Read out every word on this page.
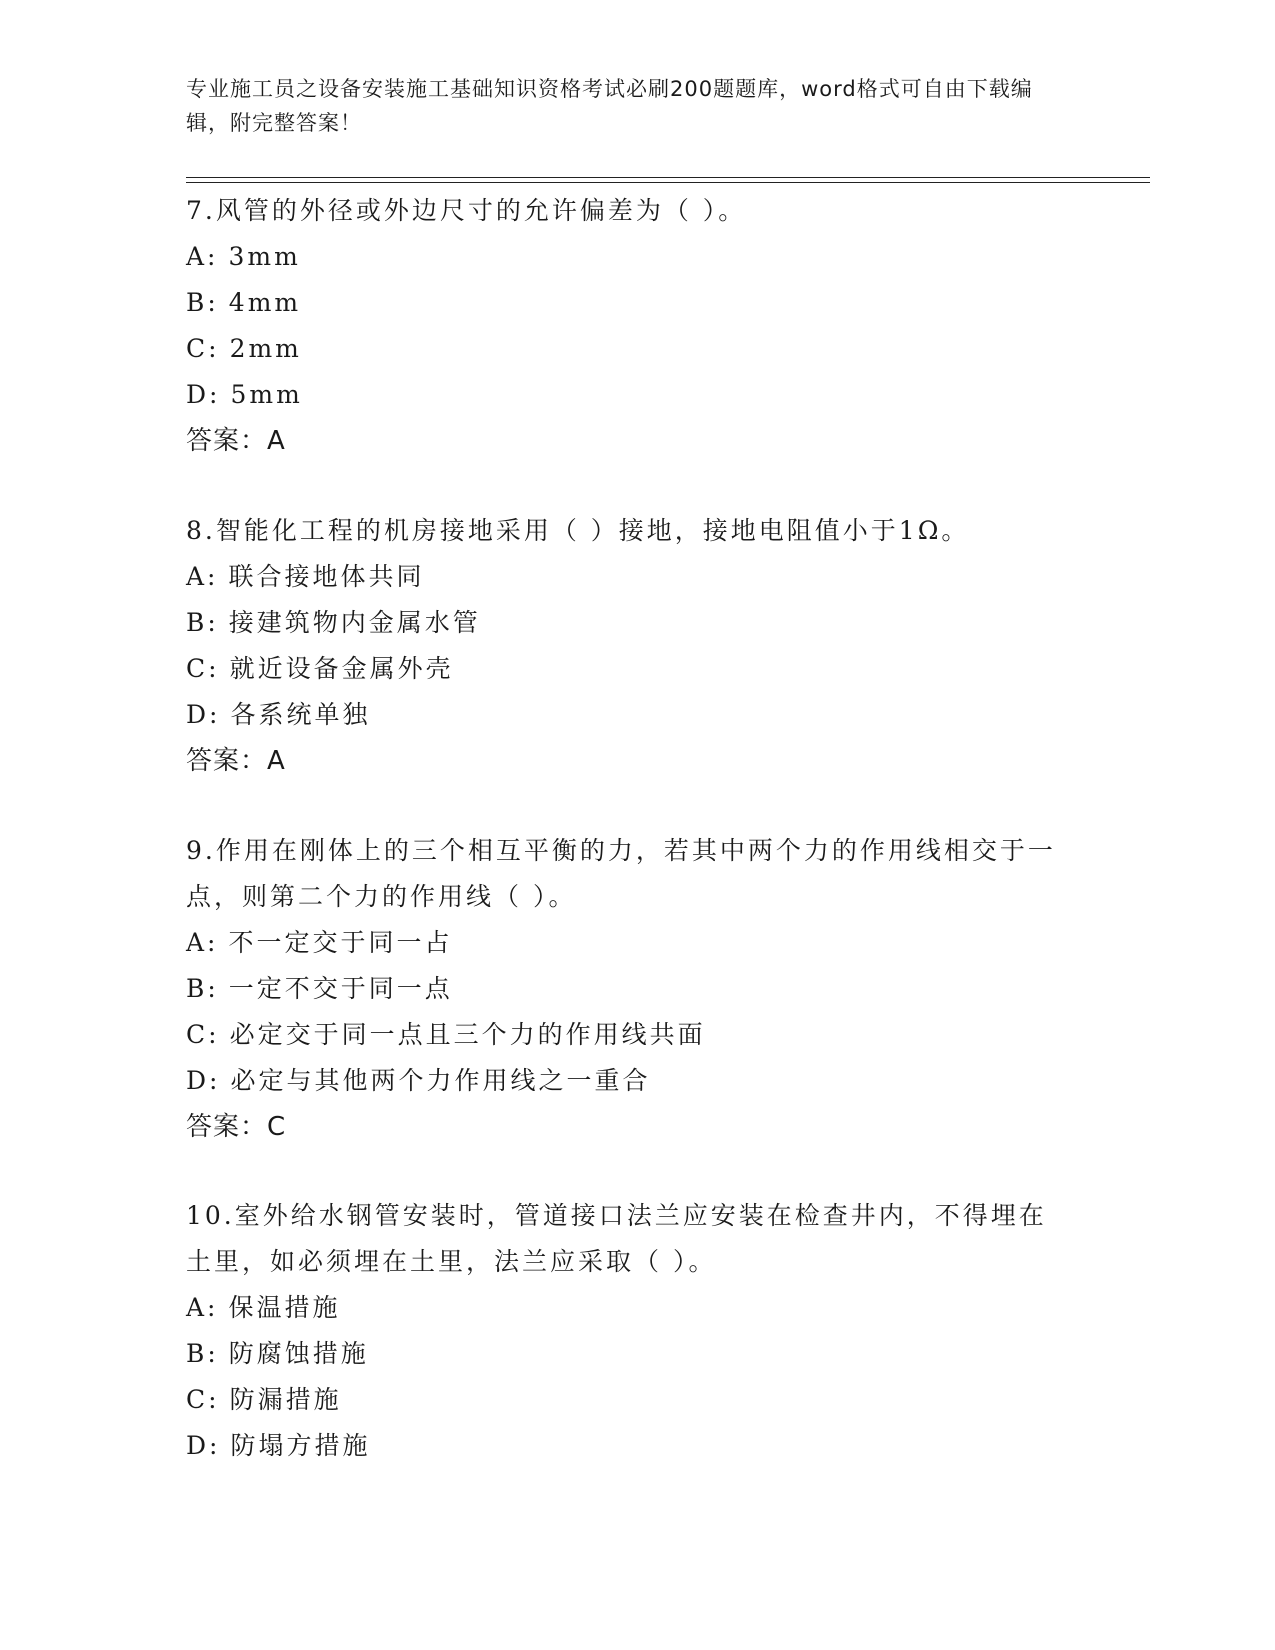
专业施工员之设备安装施工基础知识资格考试必刷200题题库，word格式可自由下载编辑，附完整答案！
7.风管的外径或外边尺寸的允许偏差为（ ）。
A: 3mm
B: 4mm
C: 2mm
D: 5mm
答案：A
8.智能化工程的机房接地采用（ ）接地，接地电阻值小于1Ω。
A: 联合接地体共同
B: 接建筑物内金属水管
C: 就近设备金属外壳
D: 各系统单独
答案：A
9.作用在刚体上的三个相互平衡的力，若其中两个力的作用线相交于一点，则第二个力的作用线（ ）。
A: 不一定交于同一占
B: 一定不交于同一点
C: 必定交于同一点且三个力的作用线共面
D: 必定与其他两个力作用线之一重合
答案：C
10.室外给水钢管安装时，管道接口法兰应安装在检查井内，不得埋在土里，如必须埋在土里，法兰应采取（ ）。
A: 保温措施
B: 防腐蚀措施
C: 防漏措施
D: 防塌方措施
